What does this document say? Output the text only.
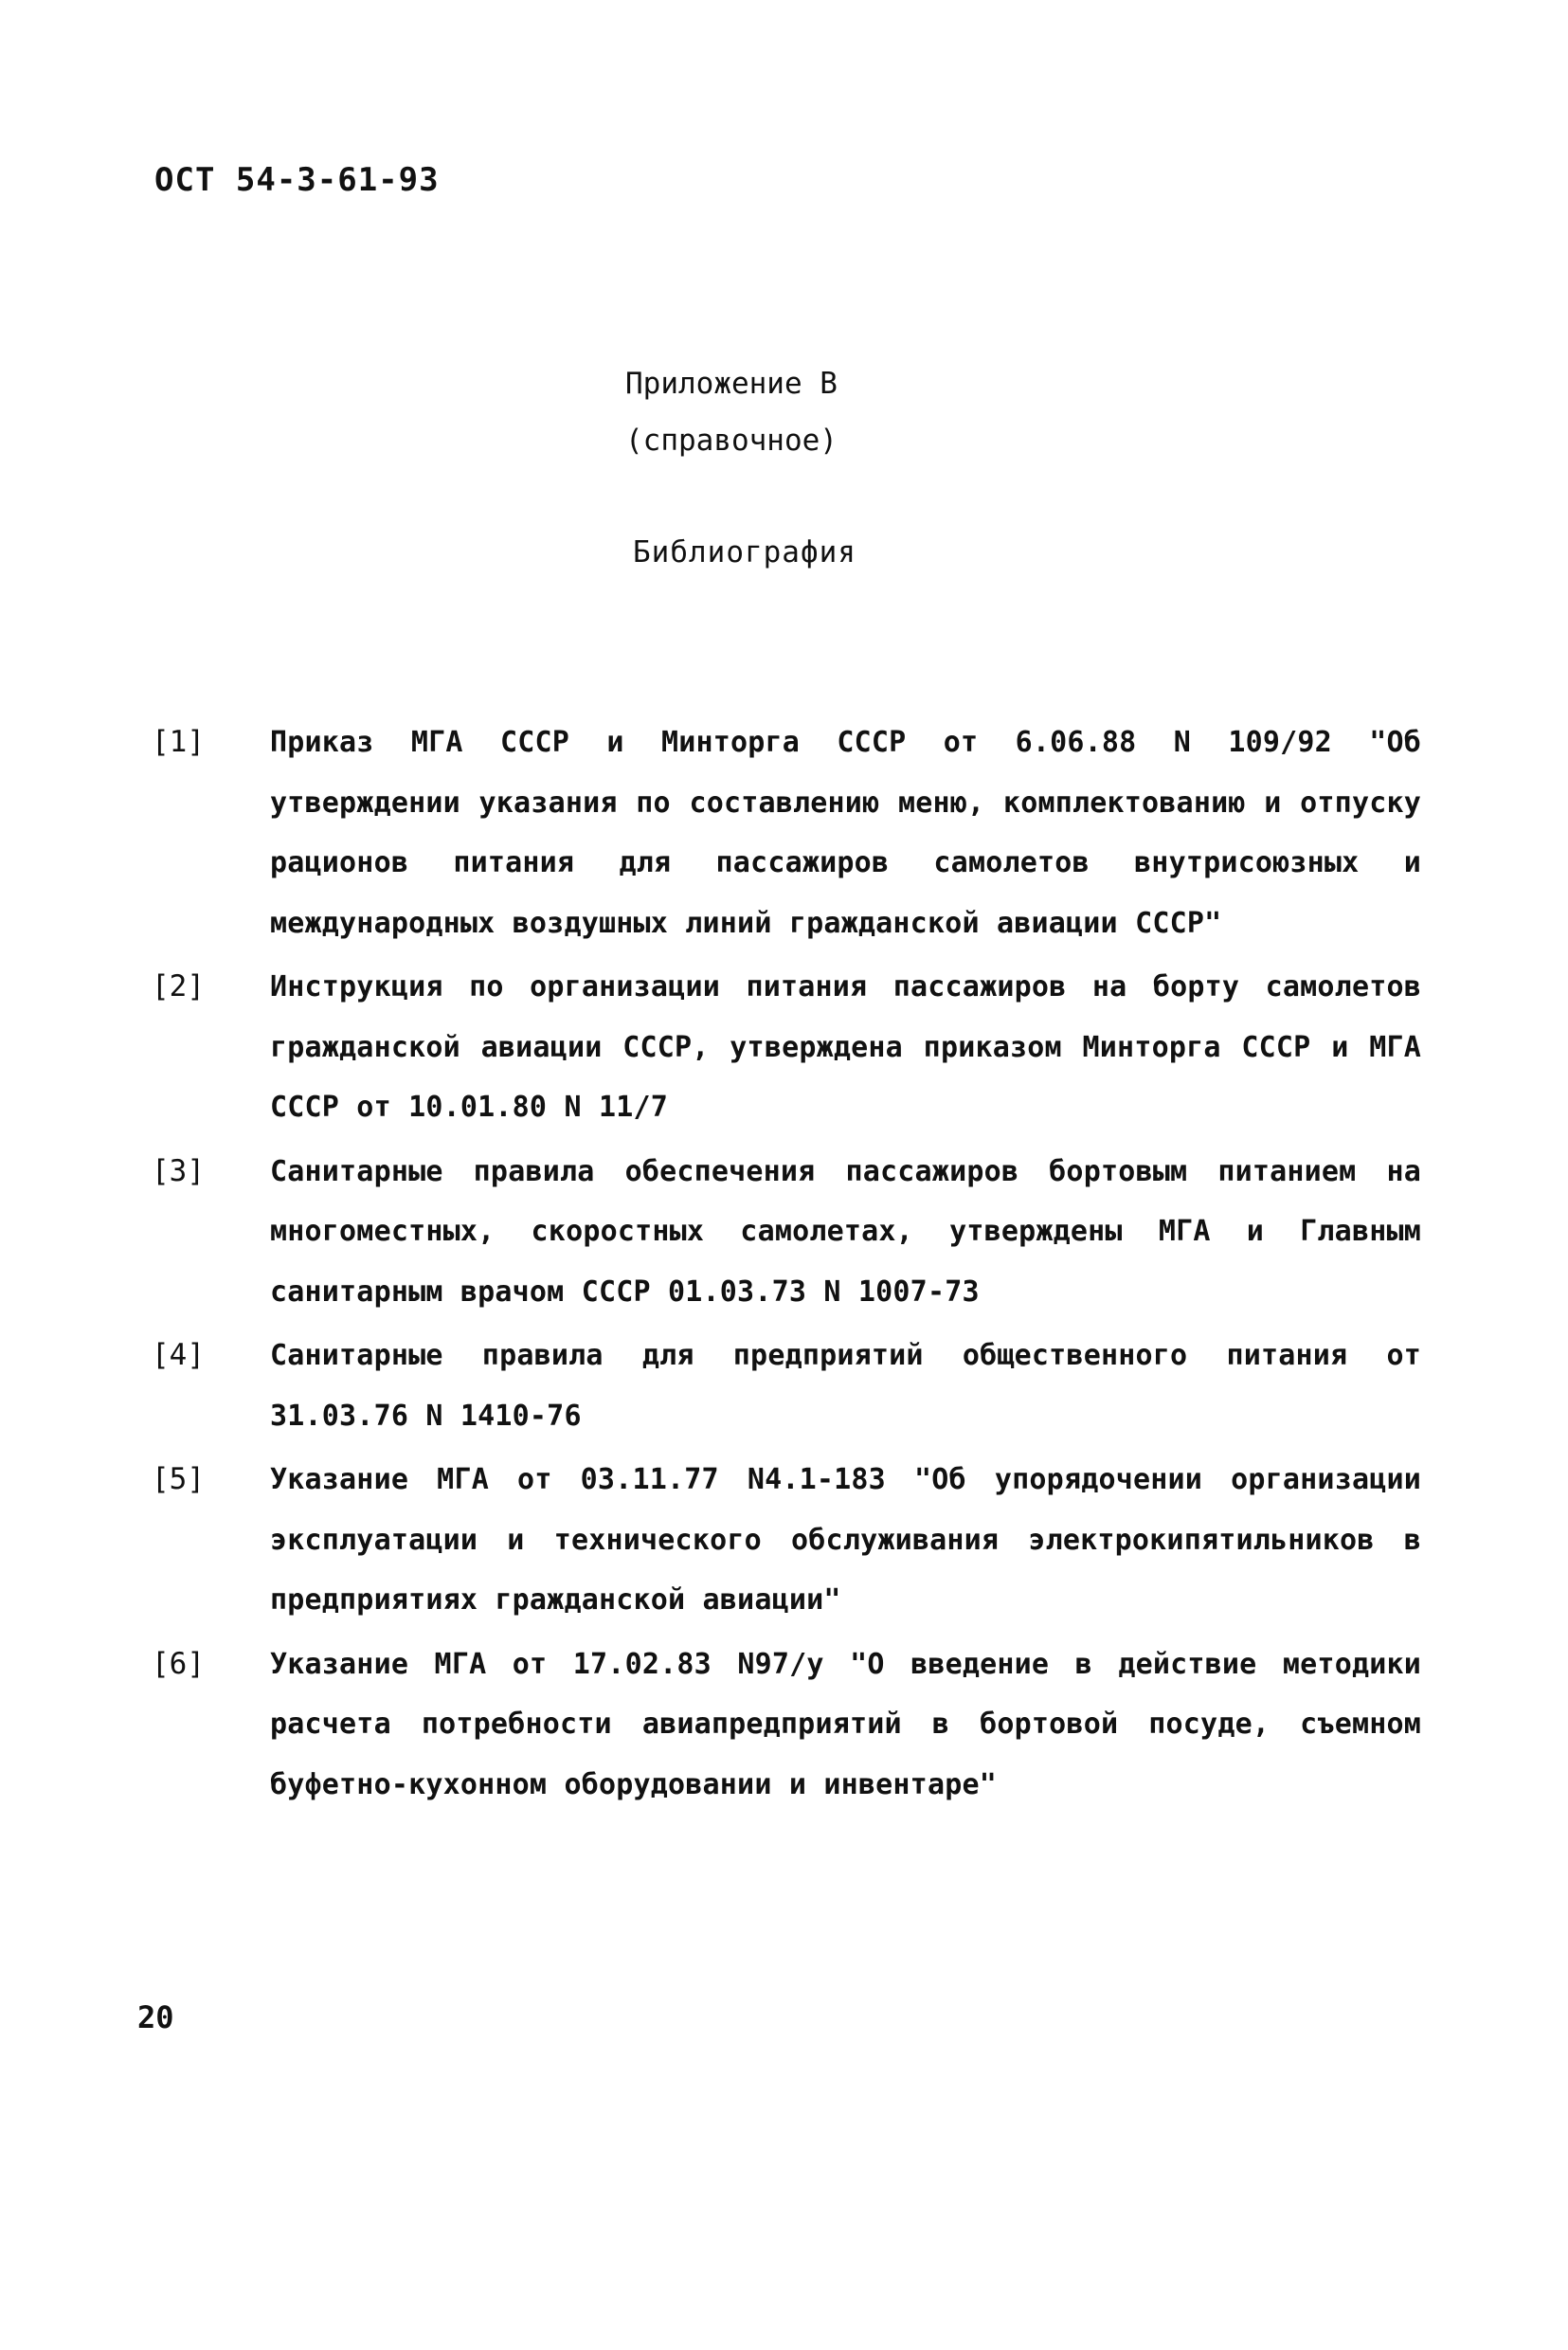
ОСТ 54-3-61-93
Приложение В
(справочное)
Библиография
[1]	Приказ МГА СССР и Минторга СССР от 6.06.88 N 109/92 "Об утверждении указания по составлению меню, комплектованию и отпуску рационов питания для пассажиров самолетов внутрисоюзных и международных воздушных линий гражданской авиации СССР"
[2]	Инструкция по организации питания пассажиров на борту самолетов гражданской авиации СССР, утверждена приказом Минторга СССР и МГА СССР от 10.01.80 N 11/7
[3]	Санитарные правила обеспечения пассажиров бортовым питанием на многоместных, скоростных самолетах, утверждены МГА и Главным санитарным врачом СССР 01.03.73 N 1007-73
[4]	Санитарные правила для предприятий общественного питания от 31.03.76 N 1410-76
[5]	Указание МГА от 03.11.77 N4.1-183 "Об упорядочении организации эксплуатации и технического обслуживания электрокипятильников в предприятиях гражданской авиации"
[6]	Указание МГА от 17.02.83 N97/у "О введение в действие методики расчета потребности авиапредприятий в бортовой посуде, съемном буфетно-кухонном оборудовании и инвентаре"
20
